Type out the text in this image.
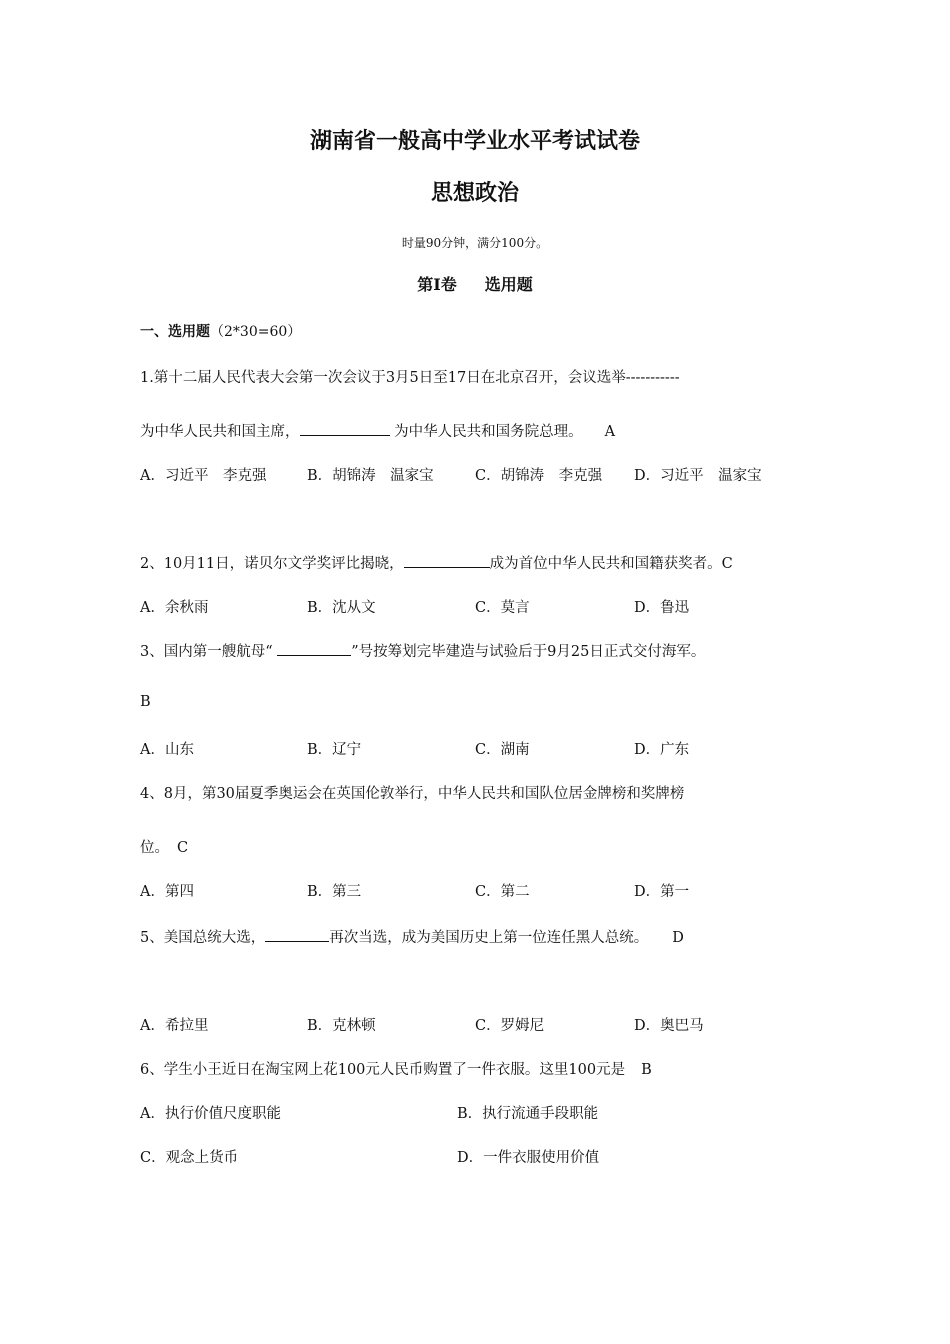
湖南省一般高中学业水平考试试卷
思想政治
时量90分钟，满分100分。
第Ⅰ卷 选用题
一、选用题（2*30=60）
1.第十二届人民代表大会第一次会议于3月5日至17日在北京召开，会议选举-----------
为中华人民共和国主席，	为中华人民共和国务院总理。 A
A．习近平　李克强	B．胡锦涛　温家宝	C．胡锦涛　李克强 D．习近平　温家宝
2、10月11日，诺贝尔文学奖评比揭晓，	成为首位中华人民共和国籍获奖者。C
A．余秋雨	B．沈从文	C．莫言	D．鲁迅
3、国内第一艘航母“	”号按筹划完毕建造与试验后于9月25日正式交付海军。
B
A．山东	B．辽宁	C．湖南	D．广东
4、8月，第30届夏季奥运会在英国伦敦举行，中华人民共和国队位居金牌榜和奖牌榜
位。 C
A．第四	B．第三	C．第二	D．第一
5、美国总统大选，	再次当选，成为美国历史上第一位连任黑人总统。 D
A．希拉里	B．克林顿	C．罗姆尼	D．奥巴马
6、学生小王近日在淘宝网上花100元人民币购置了一件衣服。这里100元是 B
A．执行价值尺度职能	B．执行流通手段职能
C．观念上货币	D．一件衣服使用价值
